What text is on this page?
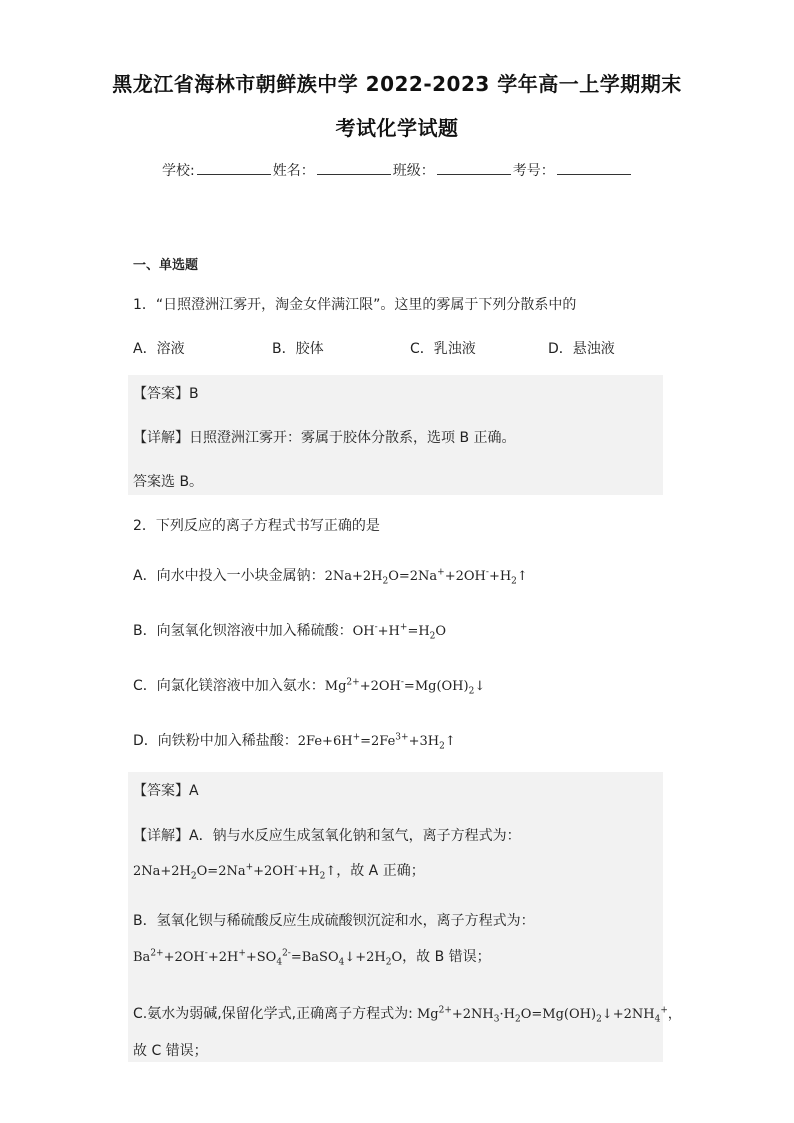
黑龙江省海林市朝鲜族中学 2022-2023 学年高一上学期期末
考试化学试题
学校:	姓名：	班级：	考号：
一、单选题
1．“日照澄洲江雾开，淘金女伴满江限”。这里的雾属于下列分散系中的
A．溶液	B．胶体	C．乳浊液	D．悬浊液
【答案】B
【详解】日照澄洲江雾开：雾属于胶体分散系，选项 B 正确。
答案选 B。
2．下列反应的离子方程式书写正确的是
A．向水中投入一小块金属钠：$2Na+2H_2O=2Na^++2OH^-+H_2↑$
B．向氢氧化钡溶液中加入稀硫酸：$OH^-+H^+=H_2O$
C．向氯化镁溶液中加入氨水：$Mg^{2+}+2OH^-=Mg(OH)_2↓$
D．向铁粉中加入稀盐酸：$2Fe+6H^+=2Fe^{3+}+3H_2↑$
【答案】A
【详解】A．钠与水反应生成氢氧化钠和氢气，离子方程式为：
$2Na+2H_2O=2Na^++2OH^-+H_2↑$，故 A 正确；
B．氢氧化钡与稀硫酸反应生成硫酸钡沉淀和水，离子方程式为：
$Ba^{2+}+2OH^-+2H^++SO_4^{2-}=BaSO_4↓+2H_2O$，故 B 错误；
C.氨水为弱碱,保留化学式,正确离子方程式为: $Mg^{2+}+2NH_3\cdot H_2O=Mg(OH)_2↓+2NH_4^+$，
故 C 错误；
